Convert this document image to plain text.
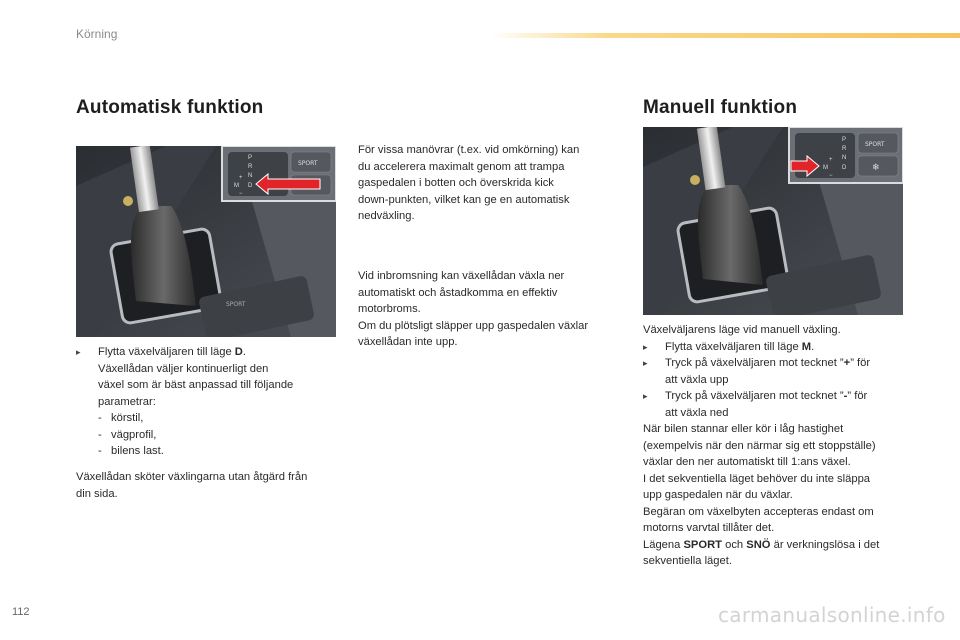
Körning
Automatisk funktion
SPORT
SPORT
P
R
N
D
M
+
−
▸ Flytta växelväljaren till läge D.

Växellådan väljer kontinuerligt den

växel som är bäst anpassad till följande

parametrar:

- körstil,
- vägprofil,
- bilens last.

Växellådan sköter växlingarna utan åtgärd från

din sida.

För vissa manövrar (t.ex. vid omkörning) kan

du accelerera maximalt genom att trampa

gaspedalen i botten och överskrida kick

down-punkten, vilket kan ge en automatisk

nedväxling.

Vid inbromsning kan växellådan växla ner

automatiskt och åstadkomma en effektiv

motorbroms.

Om du plötsligt släpper upp gaspedalen växlar

växellådan inte upp.

Manuell funktion
SPORT
❄
P
R
N
D
M
+
−

Växelväljarens läge vid manuell växling.

▸ Flytta växelväljaren till läge M.

▸ Tryck på växelväljaren mot tecknet ”+” för

att växla upp

▸ Tryck på växelväljaren mot tecknet ”-” för

att växla ned

När bilen stannar eller kör i låg hastighet

(exempelvis när den närmar sig ett stoppställe)

växlar den ner automatiskt till 1:ans växel.

I det sekventiella läget behöver du inte släppa

upp gaspedalen när du växlar.

Begäran om växelbyten accepteras endast om

motorns varvtal tillåter det.

Lägena SPORT och SNÖ är verkningslösa i det

sekventiella läget.

112	carmanualsonline.info
